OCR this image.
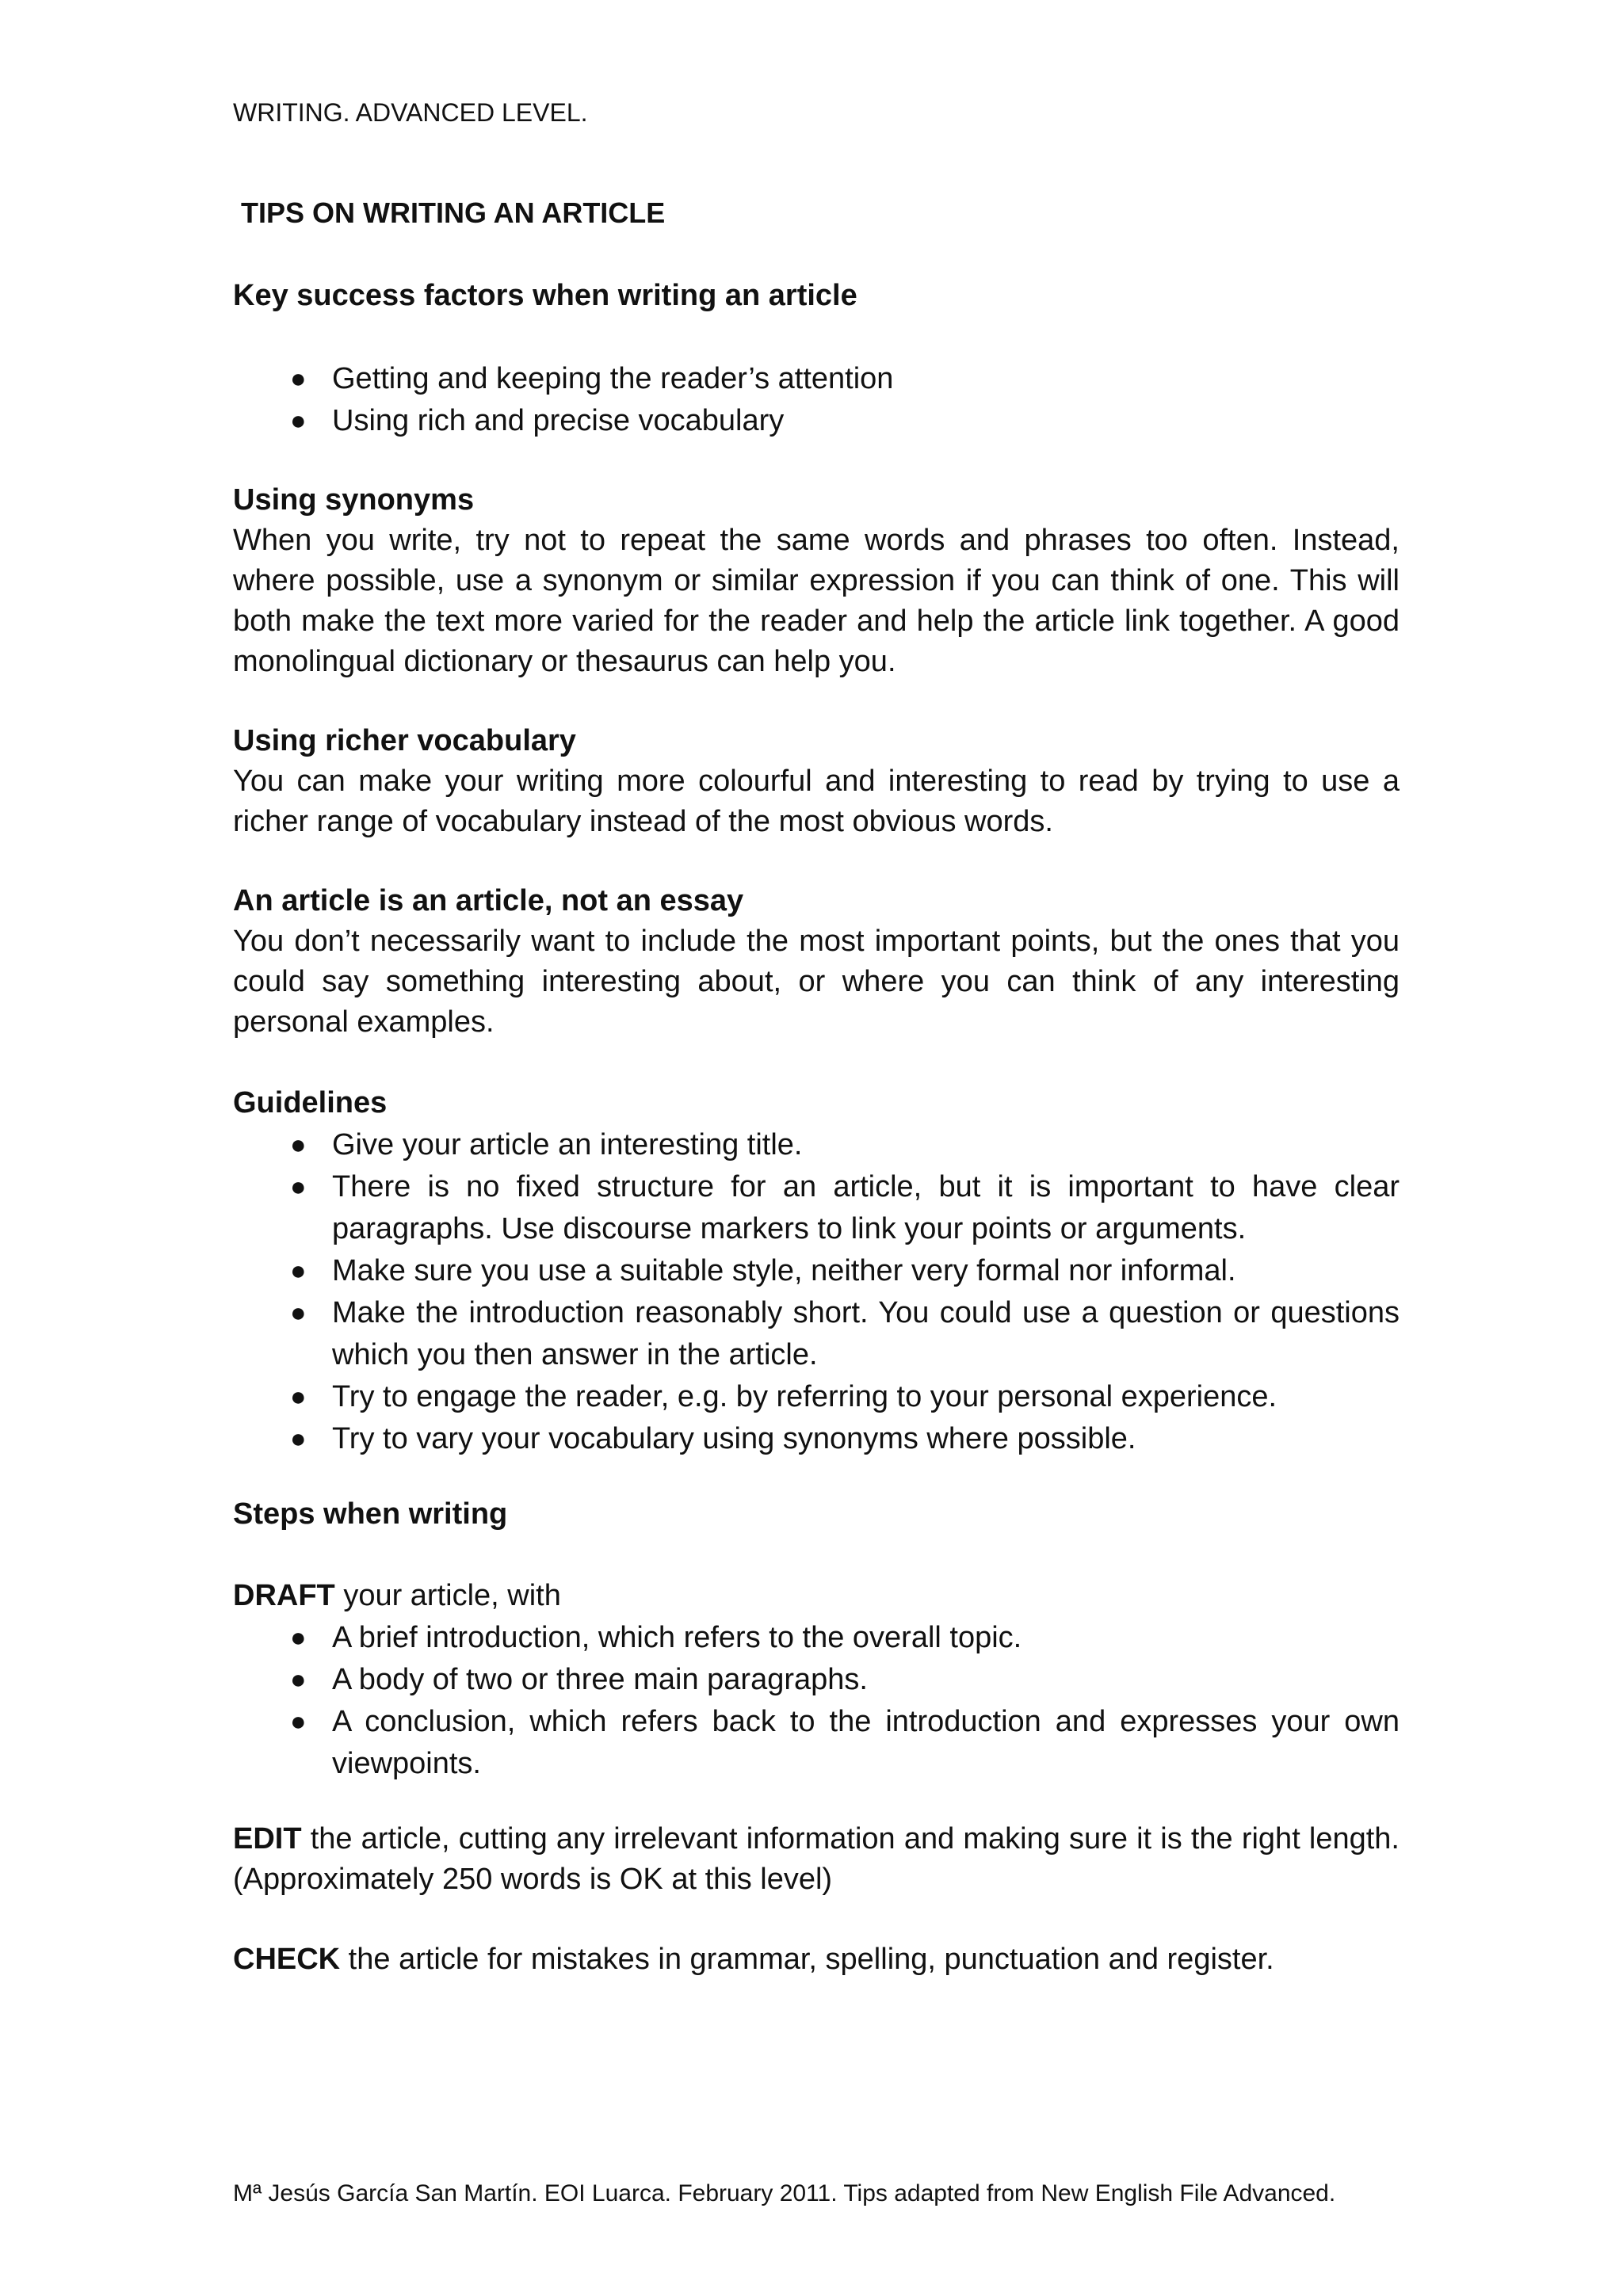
WRITING. ADVANCED LEVEL.
TIPS ON WRITING AN ARTICLE

Key success factors when writing an article

● Getting and keeping the reader’s attention
● Using rich and precise vocabulary

Using synonyms

When you write, try not to repeat the same words and phrases too often. Instead, where possible, use a synonym or similar expression if you can think of one. This will both make the text more varied for the reader and help the article link together. A good monolingual dictionary or thesaurus can help you.

Using richer vocabulary

You can make your writing more colourful and interesting to read by trying to use a richer range of vocabulary instead of the most obvious words.

An article is an article, not an essay

You don’t necessarily want to include the most important points, but the ones that you could say something interesting about, or where you can think of any interesting personal examples.

Guidelines

● Give your article an interesting title.
● There is no fixed structure for an article, but it is important to have clear paragraphs. Use discourse markers to link your points or arguments.
● Make sure you use a suitable style, neither very formal nor informal.
● Make the introduction reasonably short. You could use a question or questions which you then answer in the article.
● Try to engage the reader, e.g. by referring to your personal experience.
● Try to vary your vocabulary using synonyms where possible.

Steps when writing

DRAFT your article, with

● A brief introduction, which refers to the overall topic.
● A body of two or three main paragraphs.
● A conclusion, which refers back to the introduction and expresses your own viewpoints.

EDIT the article, cutting any irrelevant information and making sure it is the right length. (Approximately 250 words is OK at this level)

CHECK the article for mistakes in grammar, spelling, punctuation and register.

Mª Jesús García San Martín. EOI Luarca. February 2011. Tips adapted from New English File Advanced.
